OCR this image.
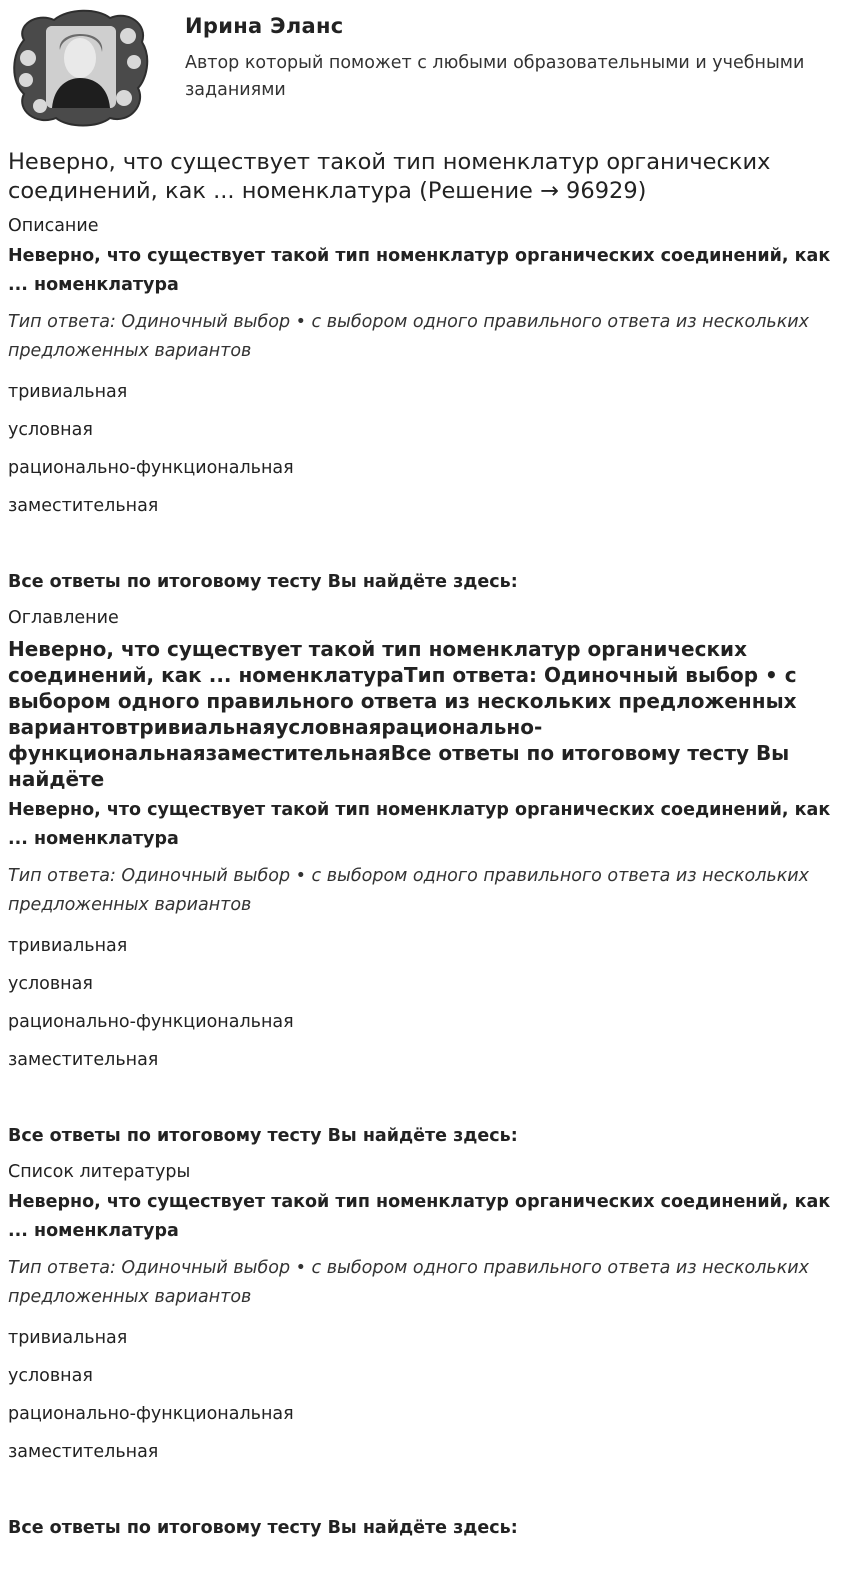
Ирина Эланс
Автор который поможет с любыми образовательными и учебными заданиями
Неверно, что существует такой тип номенклатур органических соединений, как ... номенклатура (Решение → 96929)
Описание
Неверно, что существует такой тип номенклатур органических соединений, как ... номенклатура
Тип ответа: Одиночный выбор • с выбором одного правильного ответа из нескольких предложенных вариантов
тривиальная
условная
рационально-функциональная
заместительная
Все ответы по итоговому тесту Вы найдёте здесь:
Оглавление
Неверно, что существует такой тип номенклатур органических соединений, как ... номенклатураТип ответа: Одиночный выбор • с выбором одного правильного ответа из нескольких предложенных вариантовтривиальнаяусловнаярационально-функциональнаязаместительнаяВсе ответы по итоговому тесту Вы найдёте
Неверно, что существует такой тип номенклатур органических соединений, как ... номенклатура
Тип ответа: Одиночный выбор • с выбором одного правильного ответа из нескольких предложенных вариантов
тривиальная
условная
рационально-функциональная
заместительная
Все ответы по итоговому тесту Вы найдёте здесь:
Список литературы
Неверно, что существует такой тип номенклатур органических соединений, как ... номенклатура
Тип ответа: Одиночный выбор • с выбором одного правильного ответа из нескольких предложенных вариантов
тривиальная
условная
рационально-функциональная
заместительная
Все ответы по итоговому тесту Вы найдёте здесь:
